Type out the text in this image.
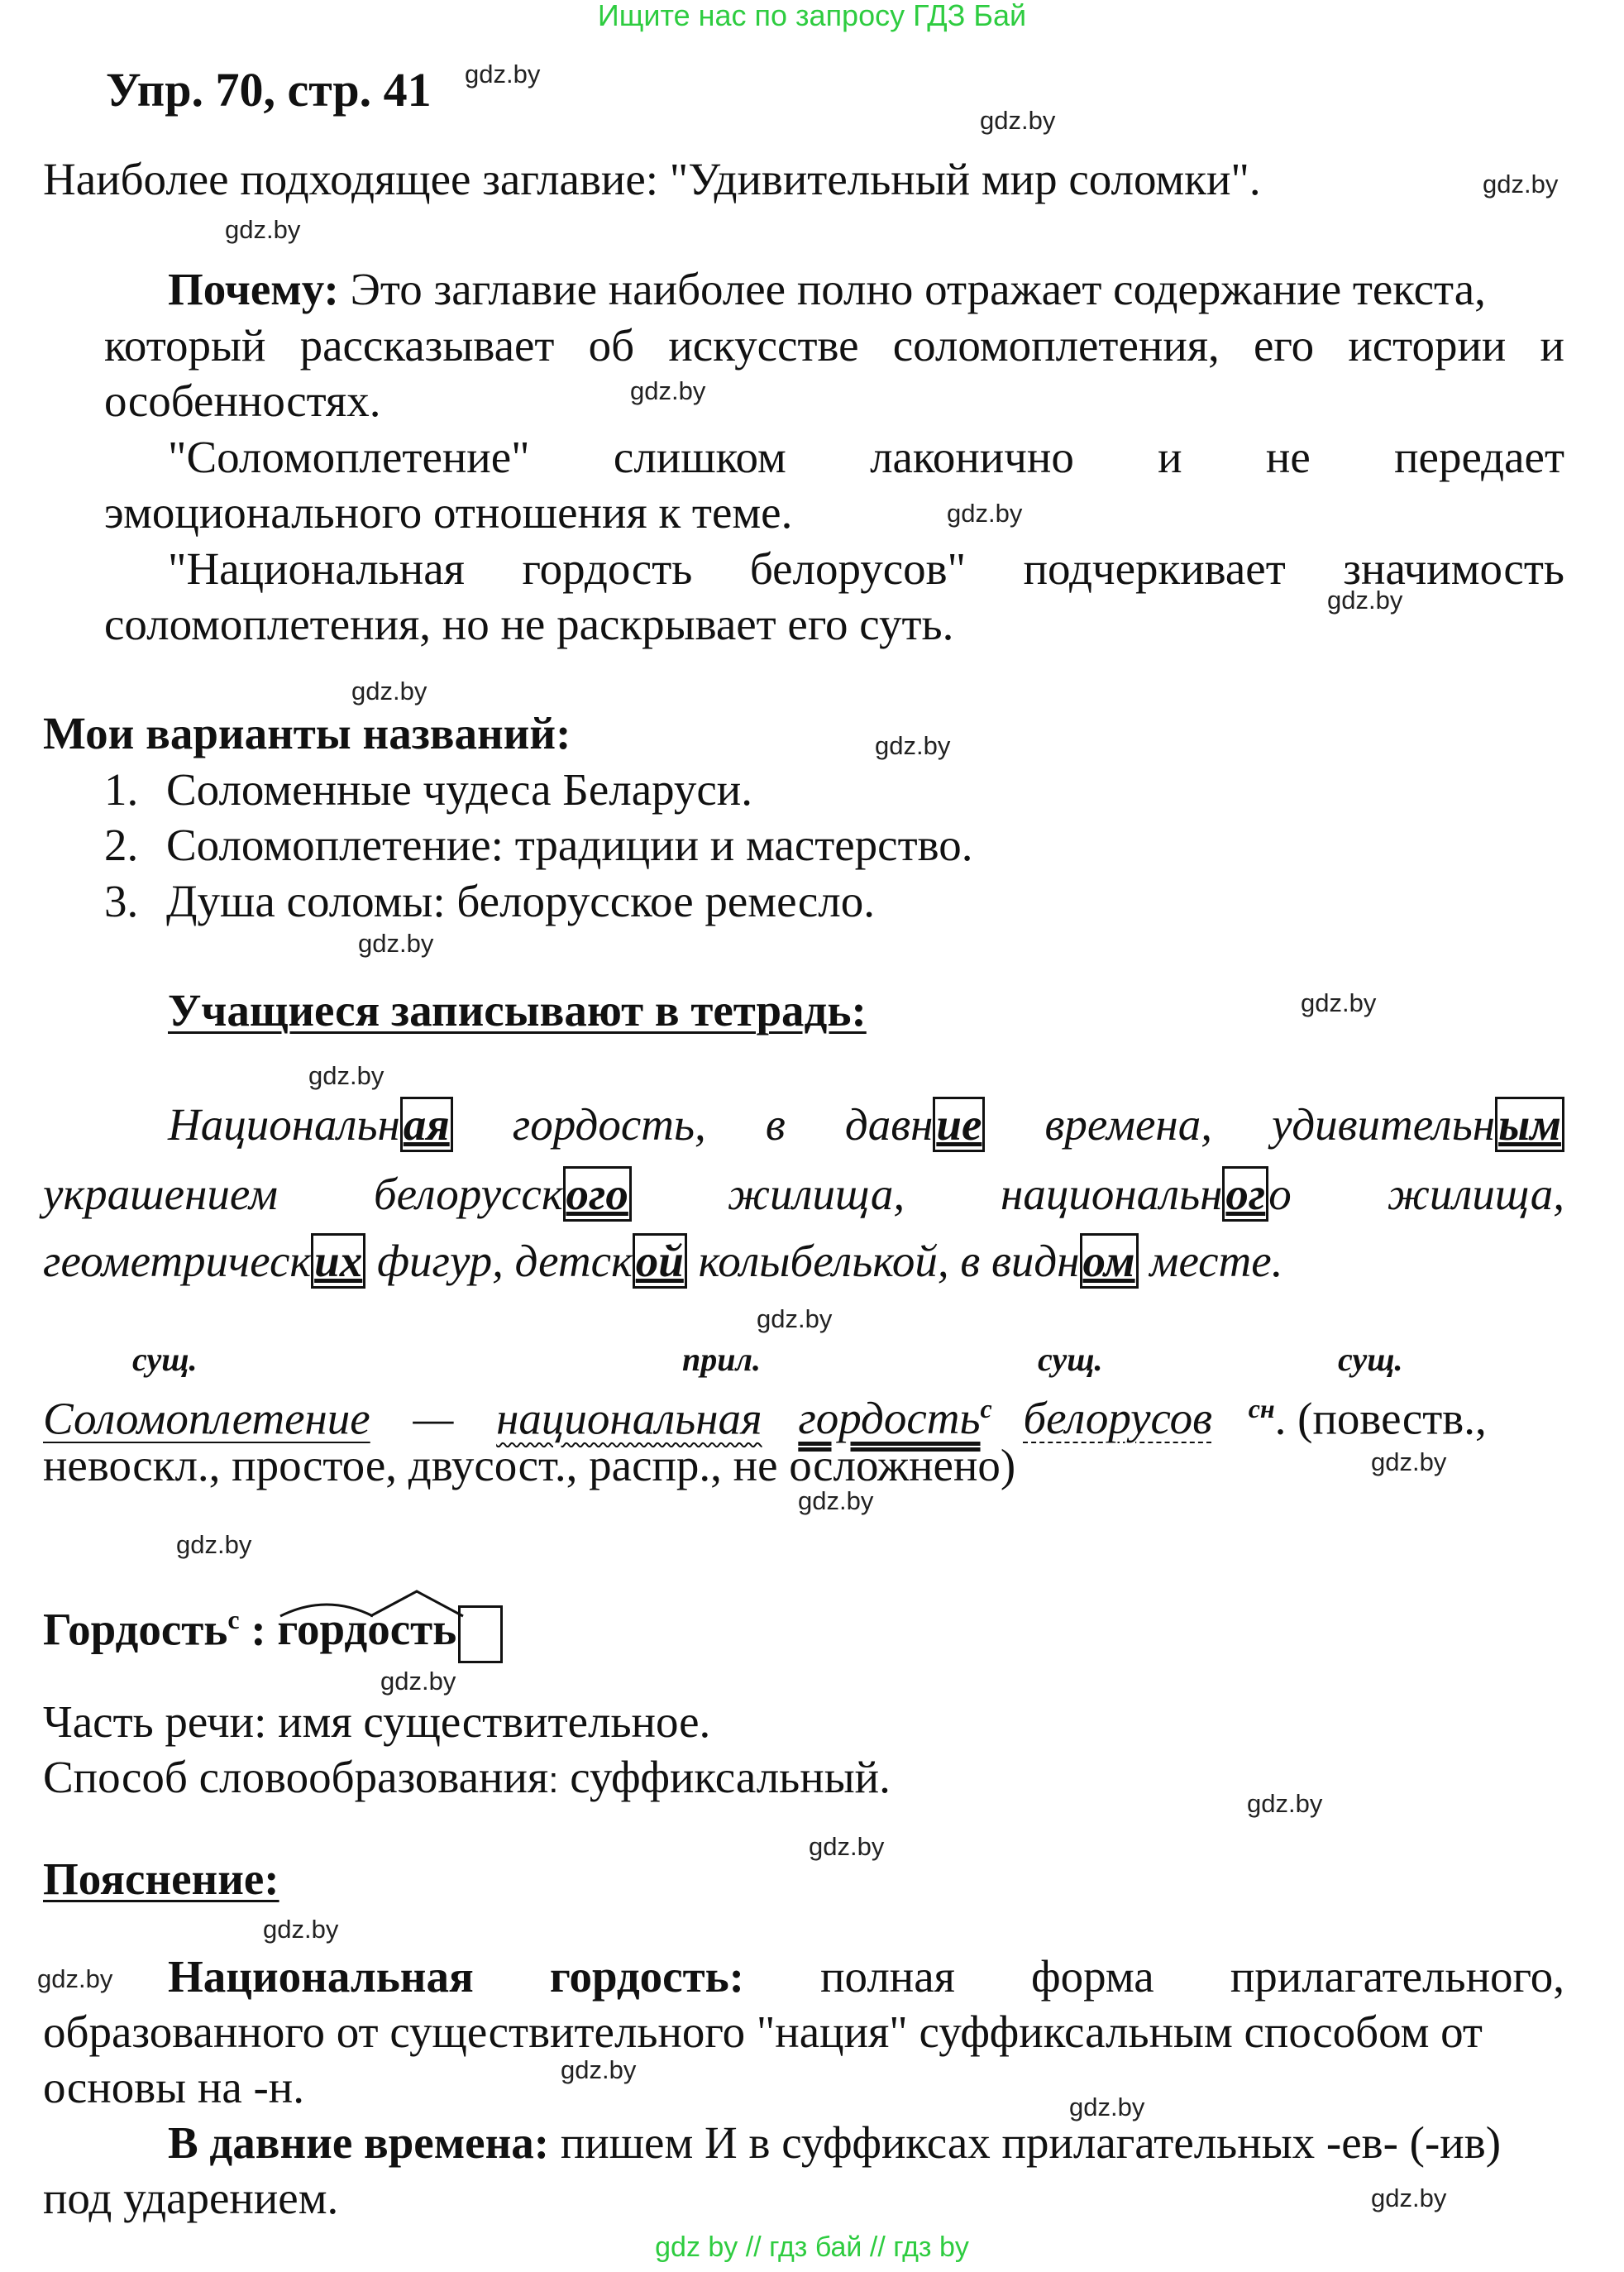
Ищите нас по запросу ГДЗ Бай
Упр. 70, стр. 41
Наиболее подходящее заглавие: "Удивительный мир соломки".
Почему: Это заглавие наиболее полно отражает содержание текста,
который рассказывает об искусстве соломоплетения, его истории и
особенностях.
"Соломоплетение" слишком лаконично и не передает
эмоционального отношения к теме.
"Национальная гордость белорусов" подчеркивает значимость
соломоплетения, но не раскрывает его суть.
Мои варианты названий:
1. Соломенные чудеса Беларуси.
2. Соломоплетение: традиции и мастерство.
3. Душа соломы: белорусское ремесло.
Учащиеся записывают в тетрадь:
Национальная гордость, в давние времена, удивительным
украшением белорусского жилища, национального жилища,
геометрических фигур, детской колыбелькой, в видном месте.
сущ.	прил.	сущ.	сущ.
Соломоплетение — национальная гордость$^с$ белорусов $^{сн}$. (повеств.,
невоскл., простое, двусост., распр., не осложнено)
Гордость$^с$ : горд
ость
Часть речи: имя существительное.
Способ словообразования: суффиксальный.
Пояснение:
Национальная гордость: полная форма прилагательного,
образованного от существительного "нация" суффиксальным способом от
основы на -н.
В давние времена: пишем И в суффиксах прилагательных -ев- (-ив)
под ударением.
gdz.by
gdz.by
gdz.by
gdz.by
gdz.by
gdz.by
gdz.by
gdz.by
gdz.by
gdz.by
gdz.by
gdz.by
gdz.by
gdz.by
gdz.by
gdz.by
gdz.by
gdz.by
gdz.by
gdz.by
gdz.by
gdz.by
gdz.by
gdz.by
gdz by // гдз бай // гдз by
